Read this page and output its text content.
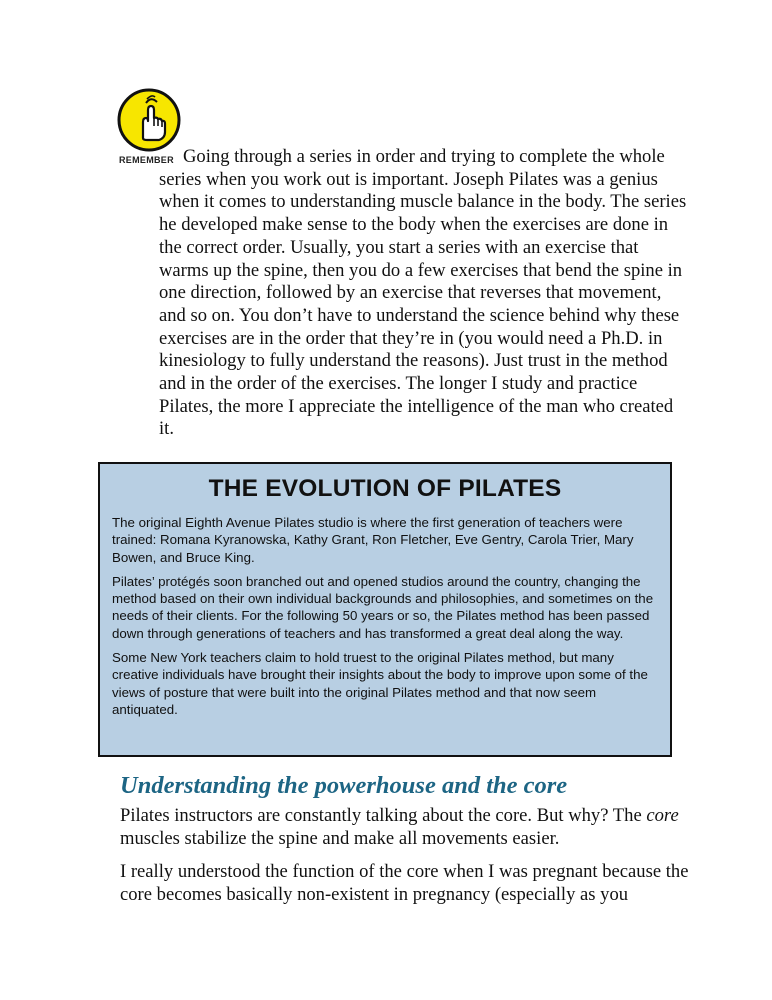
REMEMBER Going through a series in order and trying to complete the whole series when you work out is important. Joseph Pilates was a genius when it comes to understanding muscle balance in the body. The series he developed make sense to the body when the exercises are done in the correct order. Usually, you start a series with an exercise that warms up the spine, then you do a few exercises that bend the spine in one direction, followed by an exercise that reverses that movement, and so on. You don’t have to understand the science behind why these exercises are in the order that they’re in (you would need a Ph.D. in kinesiology to fully understand the reasons). Just trust in the method and in the order of the exercises. The longer I study and practice Pilates, the more I appreciate the intelligence of the man who created it.

THE EVOLUTION OF PILATES

The original Eighth Avenue Pilates studio is where the first generation of teachers were trained: Romana Kyranowska, Kathy Grant, Ron Fletcher, Eve Gentry, Carola Trier, Mary Bowen, and Bruce King.

Pilates’ protégés soon branched out and opened studios around the country, changing the method based on their own individual backgrounds and philosophies, and sometimes on the needs of their clients. For the following 50 years or so, the Pilates method has been passed down through generations of teachers and has transformed a great deal along the way.

Some New York teachers claim to hold truest to the original Pilates method, but many creative individuals have brought their insights about the body to improve upon some of the views of posture that were built into the original Pilates method and that now seem antiquated.

Understanding the powerhouse and the core

Pilates instructors are constantly talking about the core. But why? The core muscles stabilize the spine and make all movements easier.

I really understood the function of the core when I was pregnant because the core becomes basically non-existent in pregnancy (especially as you
